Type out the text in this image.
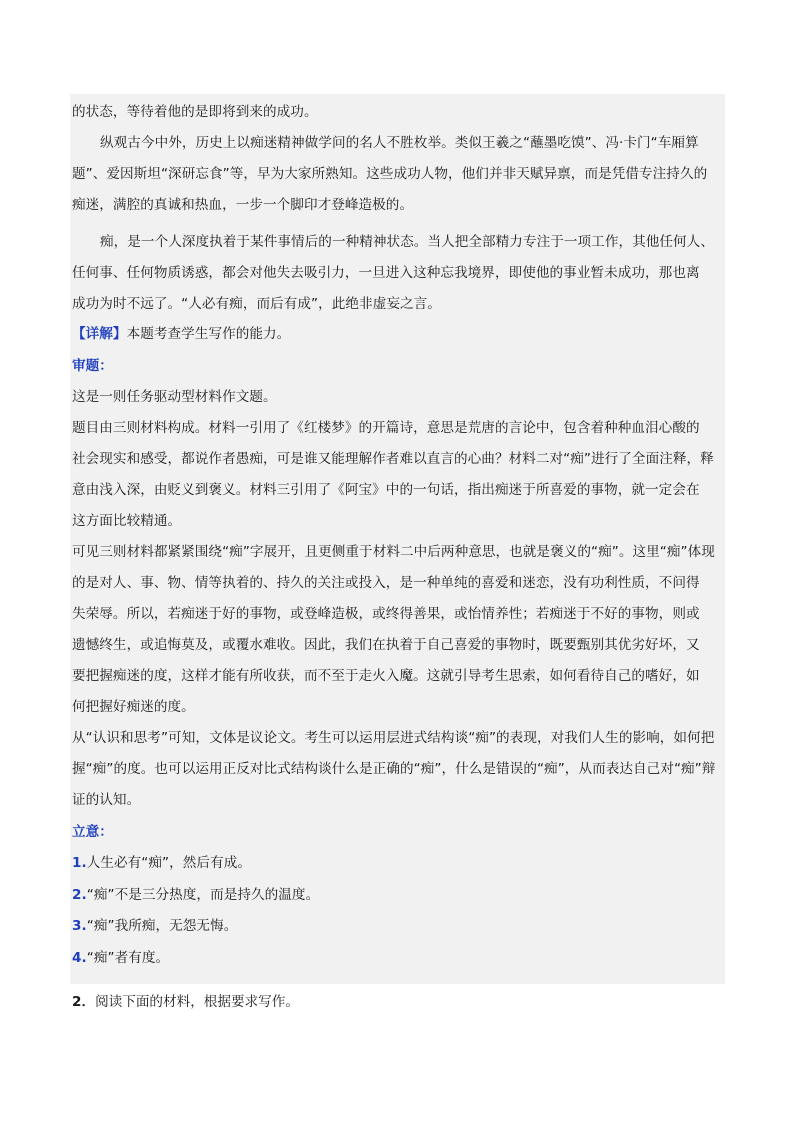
的状态，等待着他的是即将到来的成功。
纵观古今中外，历史上以痴迷精神做学问的名人不胜枚举。类似王羲之“蘸墨吃馍”、冯·卡门“车厢算
题”、爱因斯坦“深研忘食”等，早为大家所熟知。这些成功人物，他们并非天赋异禀，而是凭借专注持久的
痴迷，满腔的真诚和热血，一步一个脚印才登峰造极的。
痴，是一个人深度执着于某件事情后的一种精神状态。当人把全部精力专注于一项工作，其他任何人、
任何事、任何物质诱惑，都会对他失去吸引力，一旦进入这种忘我境界，即使他的事业暂未成功，那也离
成功为时不远了。“人必有痴，而后有成”，此绝非虚妄之言。
【详解】本题考查学生写作的能力。
审题：
这是一则任务驱动型材料作文题。
题目由三则材料构成。材料一引用了《红楼梦》的开篇诗，意思是荒唐的言论中，包含着种种血泪心酸的
社会现实和感受，都说作者愚痴，可是谁又能理解作者难以直言的心曲？材料二对“痴”进行了全面注释，释
意由浅入深，由贬义到褒义。材料三引用了《阿宝》中的一句话，指出痴迷于所喜爱的事物，就一定会在
这方面比较精通。
可见三则材料都紧紧围绕“痴”字展开，且更侧重于材料二中后两种意思，也就是褒义的“痴”。这里“痴”体现
的是对人、事、物、情等执着的、持久的关注或投入，是一种单纯的喜爱和迷恋，没有功利性质，不问得
失荣辱。所以，若痴迷于好的事物，或登峰造极，或终得善果，或怡情养性；若痴迷于不好的事物，则或
遗憾终生，或追悔莫及，或覆水难收。因此，我们在执着于自己喜爱的事物时，既要甄别其优劣好坏，又
要把握痴迷的度，这样才能有所收获，而不至于走火入魔。这就引导考生思索，如何看待自己的嗜好，如
何把握好痴迷的度。
从“认识和思考”可知，文体是议论文。考生可以运用层进式结构谈“痴”的表现，对我们人生的影响，如何把
握“痴”的度。也可以运用正反对比式结构谈什么是正确的“痴”，什么是错误的“痴”，从而表达自己对“痴”辩
证的认知。
立意：
1.人生必有“痴”，然后有成。
2.“痴”不是三分热度，而是持久的温度。
3.“痴”我所痴，无怨无悔。
4.“痴”者有度。
2．阅读下面的材料，根据要求写作。
